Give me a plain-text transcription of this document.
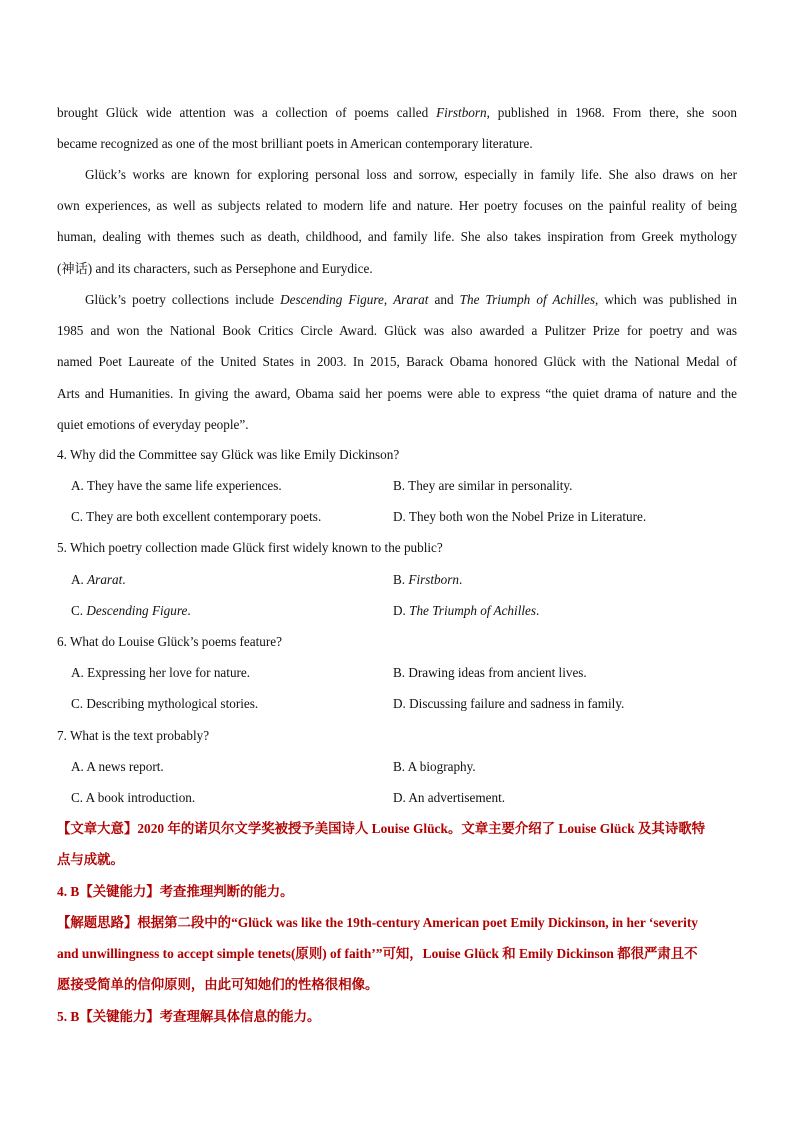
brought Glück wide attention was a collection of poems called Firstborn, published in 1968. From there, she soon
became recognized as one of the most brilliant poets in American contemporary literature.
Glück’s works are known for exploring personal loss and sorrow, especially in family life. She also draws on her
own experiences, as well as subjects related to modern life and nature. Her poetry focuses on the painful reality of being
human, dealing with themes such as death, childhood, and family life. She also takes inspiration from Greek mythology
(神话) and its characters, such as Persephone and Eurydice.
Glück’s poetry collections include Descending Figure, Ararat and The Triumph of Achilles, which was published in
1985 and won the National Book Critics Circle Award. Glück was also awarded a Pulitzer Prize for poetry and was
named Poet Laureate of the United States in 2003. In 2015, Barack Obama honored Glück with the National Medal of
Arts and Humanities. In giving the award, Obama said her poems were able to express “the quiet drama of nature and the
quiet emotions of everyday people”.
4. Why did the Committee say Glück was like Emily Dickinson?
A. They have the same life experiences.	B. They are similar in personality.
C. They are both excellent contemporary poets.	D. They both won the Nobel Prize in Literature.
5. Which poetry collection made Glück first widely known to the public?
A. Ararat.	B. Firstborn.
C. Descending Figure.	D. The Triumph of Achilles.
6. What do Louise Glück’s poems feature?
A. Expressing her love for nature.	B. Drawing ideas from ancient lives.
C. Describing mythological stories.	D. Discussing failure and sadness in family.
7. What is the text probably?
A. A news report.	B. A biography.
C. A book introduction.	D. An advertisement.
【文章大意】2020 年的诺贝尔文学奖被授予美国诗人 Louise Glück。文章主要介绍了 Louise Glück 及其诗歌特
点与成就。
4. B【关键能力】考查推理判断的能力。
【解题思路】根据第二段中的“Glück was like the 19th-century American poet Emily Dickinson, in her ‘severity
and unwillingness to accept simple tenets(原则) of faith’”可知，Louise Glück 和 Emily Dickinson 都很严肃且不
愿接受简单的信仰原则，由此可知她们的性格很相像。
5. B【关键能力】考查理解具体信息的能力。
